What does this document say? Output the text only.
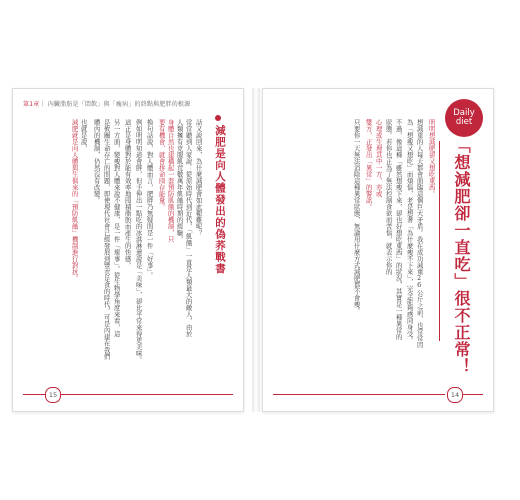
第1章｜ 內臟脂肪是「悶飲」與「瘦病」的終點與肥胖的根源
減肥是向人體發出的偽荞戰書
話又說回來，為什麼減肥會如此艱難呢？
常常聽到人家說：從原始時代到近代，「飢餓」一直是人類最大的敵人，由於
人類擁有克服飢荒數萬年飢餓時期的經驗，
身體自然也建構起一套預防肌餓的機制，只
要有機會，就會拚命囤存能量。
換句話說，對人體而言，肥胖乃無疑問是一件「好事」。
例如明明知道會胖，但手伸出一點吃的冰淇淋還說是「美味」，卻比平常來得更美味。
這正是身體對於能有效率地囤積脂肪而產生的快感。
另一方面，變瘦對人體來說不健康，是一件「壞事」。從生物學角度來看，這
是攸關生命存亡的問題，即使現代社會已經發展到豐衣足食的時代，可是內建在我們
體內的機制，仍然沒有改變。
也就是說，
減肥就是向人體與生俱來的「預防飢餓」機制進行對抗。
15
Daily
diet
「想減肥卻一直吃」很不正常！
明明想減肥卻又想吃東西。
想減重的人每天都會面臨這個巨大矛盾。我在成功減重26公斤之前，也常常因
為「想瘦又想吃」而煩惱，老是想著「為什麼瘦不下來」，完全能夠感同身受。
不過，像這種「雖然想瘦下來，卻也好想吃東西」的狀況，其實是一種異常的
狀態。若你也正為了無法控制食欲而苦惱，就表示你的
心理或生理其中一方，亦或
雙方，正發出「異常」的警訊。
只要你一天無法消除這種異常狀態，無論用什麼方式減肥都不會瘦。
14
